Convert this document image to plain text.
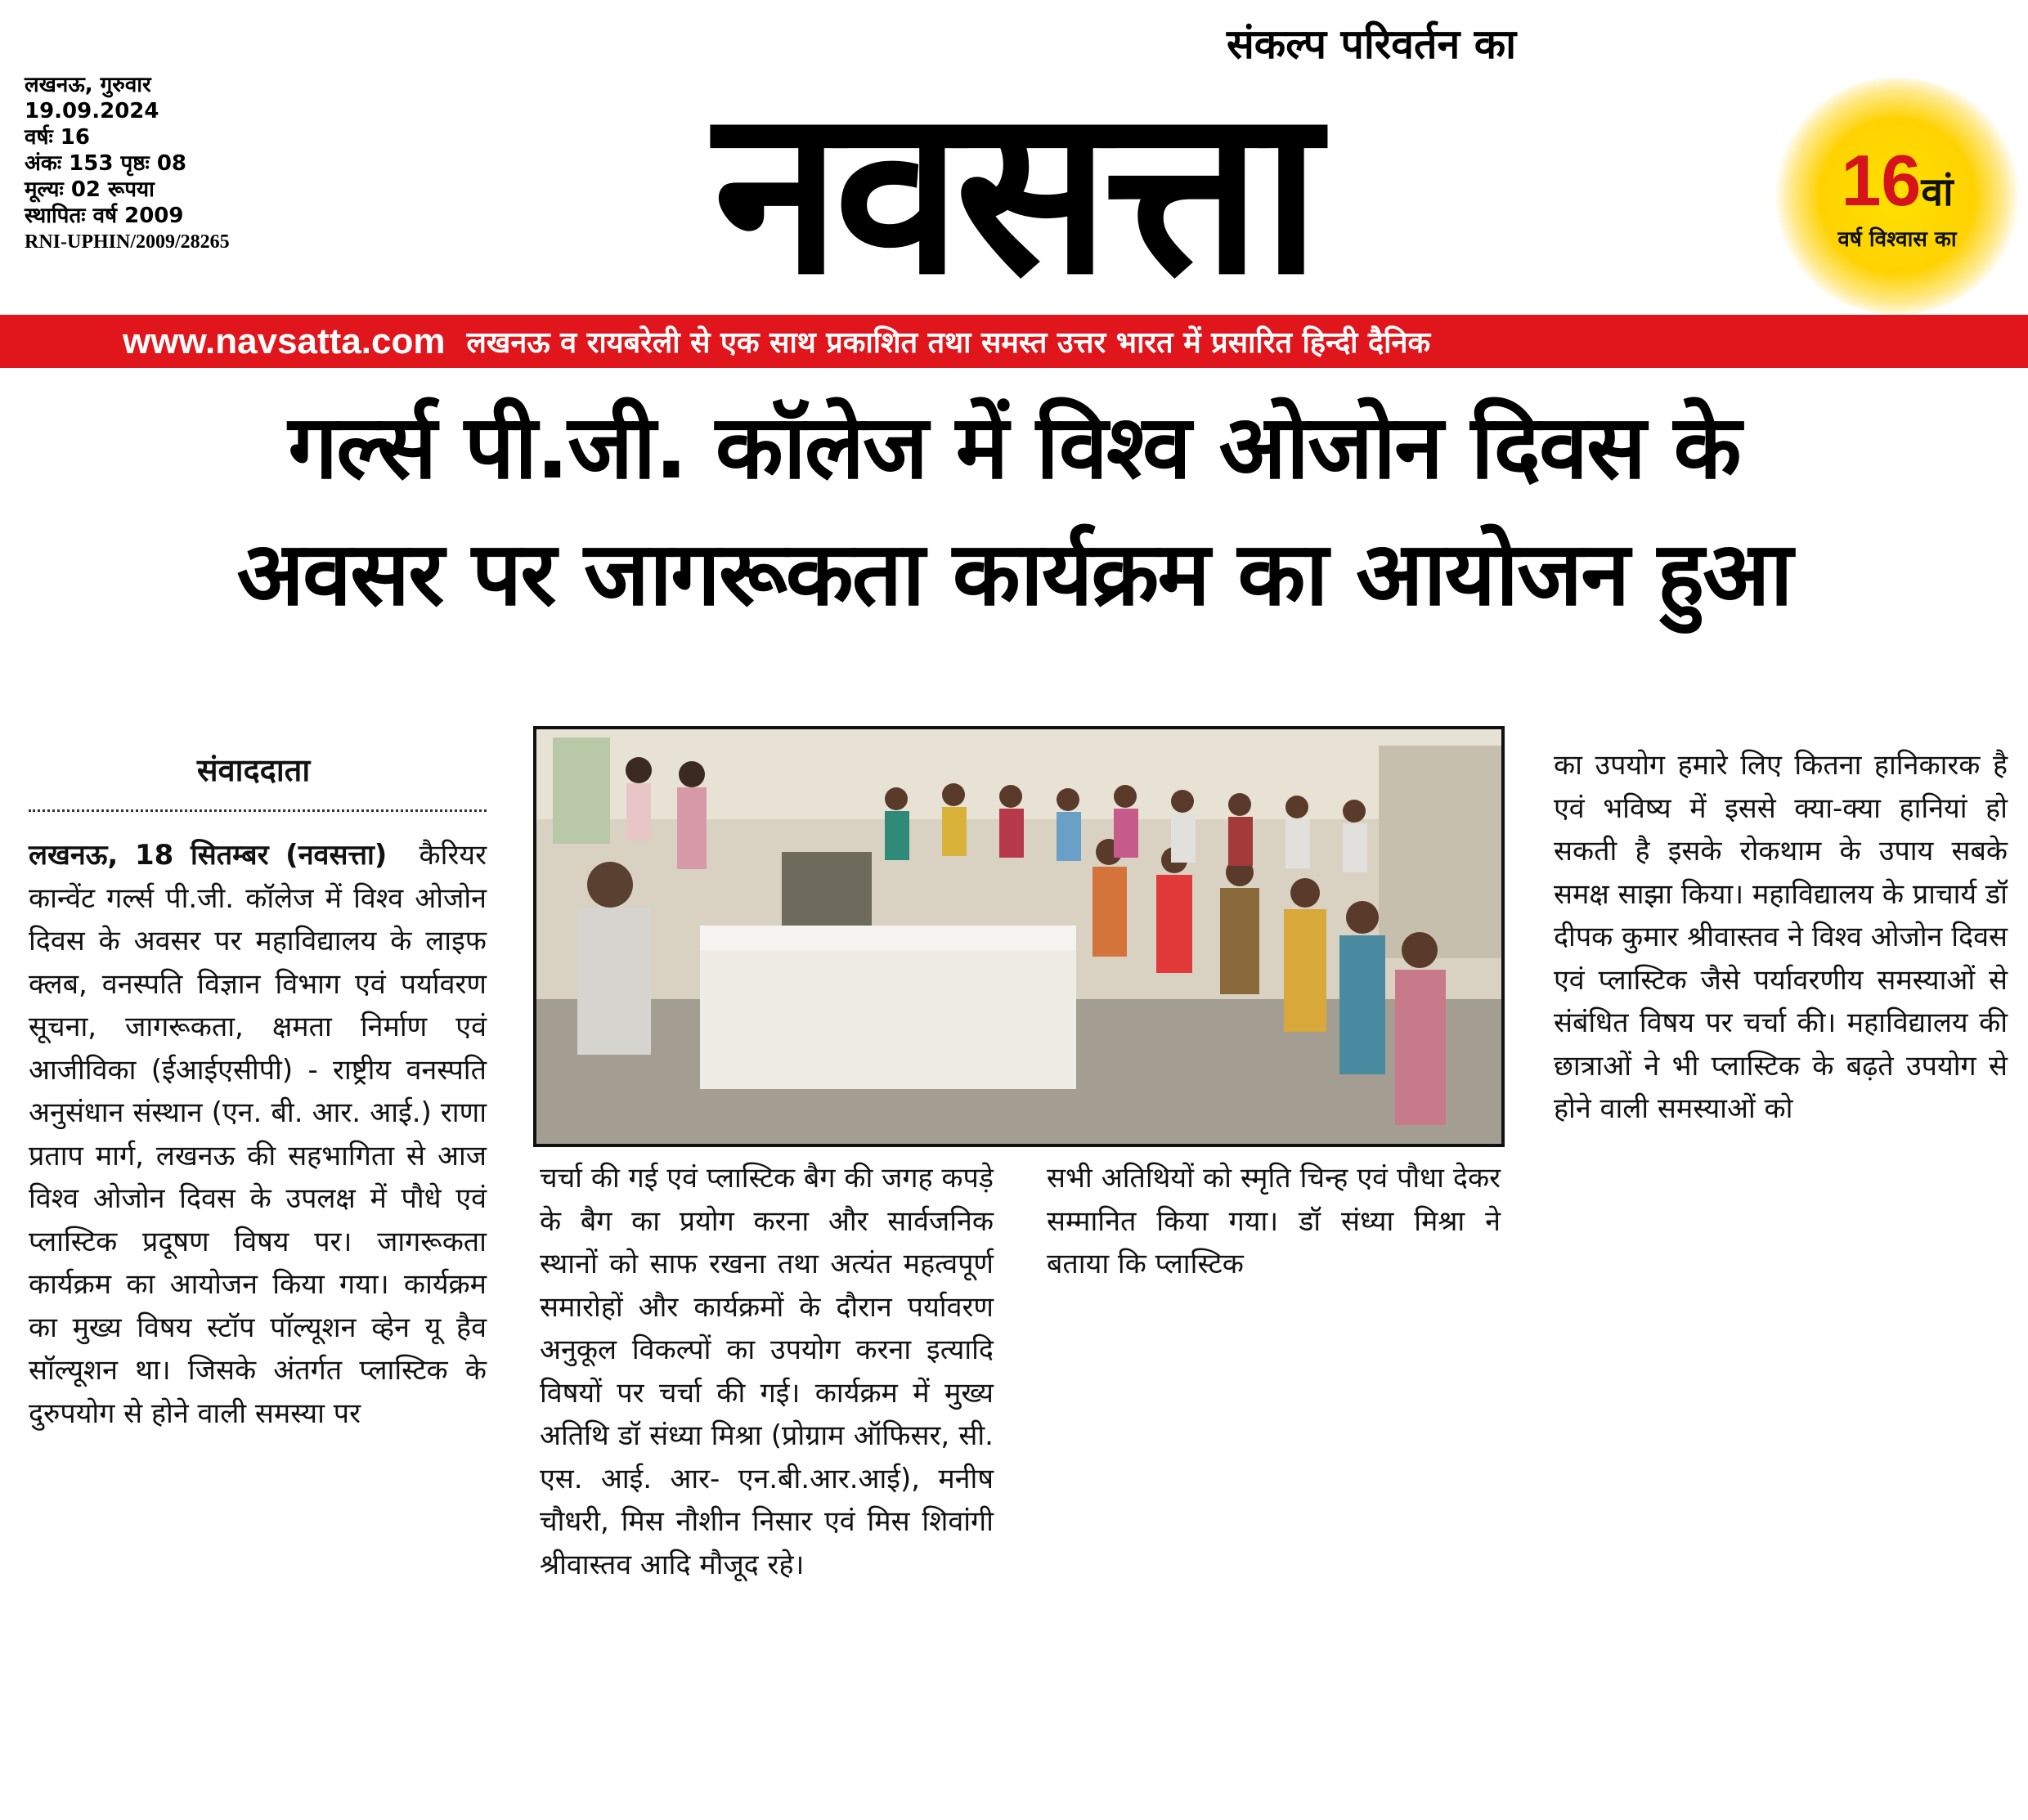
संकल्प परिवर्तन का
लखनऊ, गुरुवार
19.09.2024
वर्षः 16
अंकः 153 पृष्ठः 08
मूल्यः 02 रूपया
स्थापितः वर्ष 2009
RNI-UPHIN/2009/28265	नवसत्ता	16वां
वर्ष विश्वास का
www.navsatta.com लखनऊ व रायबरेली से एक साथ प्रकाशित तथा समस्त उत्तर भारत में प्रसारित हिन्दी दैनिक
गर्ल्स पी.जी. कॉलेज में विश्व ओजोन दिवस के
अवसर पर जागरूकता कार्यक्रम का आयोजन हुआ
संवाददाता

लखनऊ, 18 सितम्बर (नवसत्ता) कैरियर कान्वेंट गर्ल्स पी.जी. कॉलेज में विश्व ओजोन दिवस के अवसर पर महाविद्यालय के लाइफ क्लब, वनस्पति विज्ञान विभाग एवं पर्यावरण सूचना, जागरूकता, क्षमता निर्माण एवं आजीविका (ईआईएसीपी) - राष्ट्रीय वनस्पति अनुसंधान संस्थान (एन. बी. आर. आई.) राणा प्रताप मार्ग, लखनऊ की सहभागिता से आज विश्व ओजोन दिवस के उपलक्ष में पौधे एवं प्लास्टिक प्रदूषण विषय पर। जागरूकता कार्यक्रम का आयोजन किया गया। कार्यक्रम का मुख्य विषय स्टॉप पॉल्यूशन व्हेन यू हैव सॉल्यूशन था। जिसके अंतर्गत प्लास्टिक के दुरुपयोग से होने वाली समस्या पर

चर्चा की गई एवं प्लास्टिक बैग की जगह कपड़े के बैग का प्रयोग करना और सार्वजनिक स्थानों को साफ रखना तथा अत्यंत महत्वपूर्ण समारोहों और कार्यक्रमों के दौरान पर्यावरण अनुकूल विकल्पों का उपयोग करना इत्यादि विषयों पर चर्चा की गई। कार्यक्रम में मुख्य अतिथि डॉ संध्या मिश्रा (प्रोग्राम ऑफिसर, सी. एस. आई. आर- एन.बी.आर.आई), मनीष चौधरी, मिस नौशीन निसार एवं मिस शिवांगी श्रीवास्तव आदि मौजूद रहे।

सभी अतिथियों को स्मृति चिन्ह एवं पौधा देकर सम्मानित किया गया। डॉ संध्या मिश्रा ने बताया कि प्लास्टिक

का उपयोग हमारे लिए कितना हानिकारक है एवं भविष्य में इससे क्या-क्या हानियां हो सकती है इसके रोकथाम के उपाय सबके समक्ष साझा किया। महाविद्यालय के प्राचार्य डॉ दीपक कुमार श्रीवास्तव ने विश्व ओजोन दिवस एवं प्लास्टिक जैसे पर्यावरणीय समस्याओं से संबंधित विषय पर चर्चा की। महाविद्यालय की छात्राओं ने भी प्लास्टिक के बढ़ते उपयोग से होने वाली समस्याओं को
